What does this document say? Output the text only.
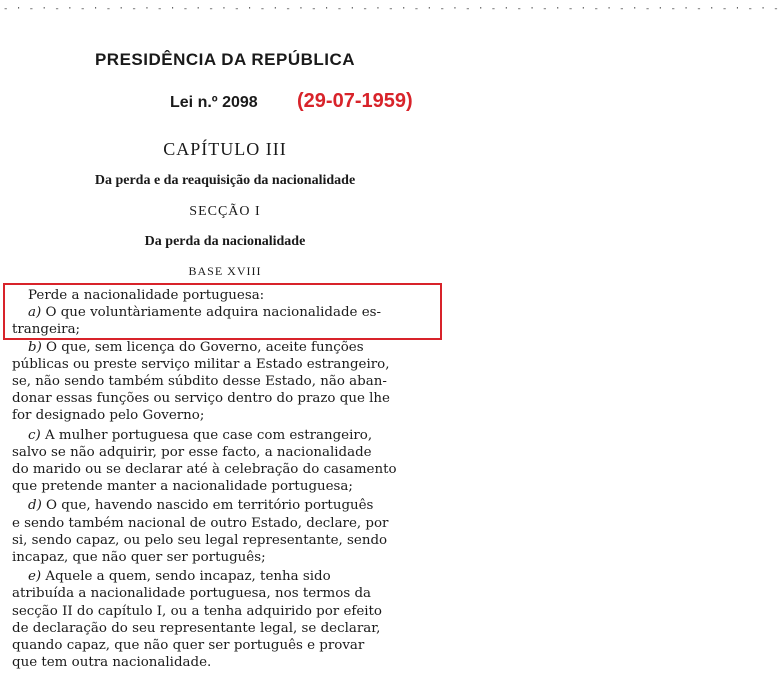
- · - · - · - · - · - · - · - · - · - · - · - · - · - · - · - · - · - · - · - · - · - · - · - · - · - · - · - · - · - · -
PRESIDÊNCIA DA REPÚBLICA
Lei n.º 2098 (29-07-1959)
CAPÍTULO III
Da perda e da reaquisição da nacionalidade
SECÇÃO I
Da perda da nacionalidade
BASE XVIII

Perde a nacionalidade portuguesa:

a) O que voluntàriamente adquira nacionalidade es-
trangeira;

b) O que, sem licença do Governo, aceite funções
públicas ou preste serviço militar a Estado estrangeiro,
se, não sendo também súbdito desse Estado, não aban-
donar essas funções ou serviço dentro do prazo que lhe
for designado pelo Governo;

c) A mulher portuguesa que case com estrangeiro,
salvo se não adquirir, por esse facto, a nacionalidade
do marido ou se declarar até à celebração do casamento
que pretende manter a nacionalidade portuguesa;

d) O que, havendo nascido em território português
e sendo também nacional de outro Estado, declare, por
si, sendo capaz, ou pelo seu legal representante, sendo
incapaz, que não quer ser português;

e) Aquele a quem, sendo incapaz, tenha sido
atribuída a nacionalidade portuguesa, nos termos da
secção II do capítulo I, ou a tenha adquirido por efeito
de declaração do seu representante legal, se declarar,
quando capaz, que não quer ser português e provar
que tem outra nacionalidade.
